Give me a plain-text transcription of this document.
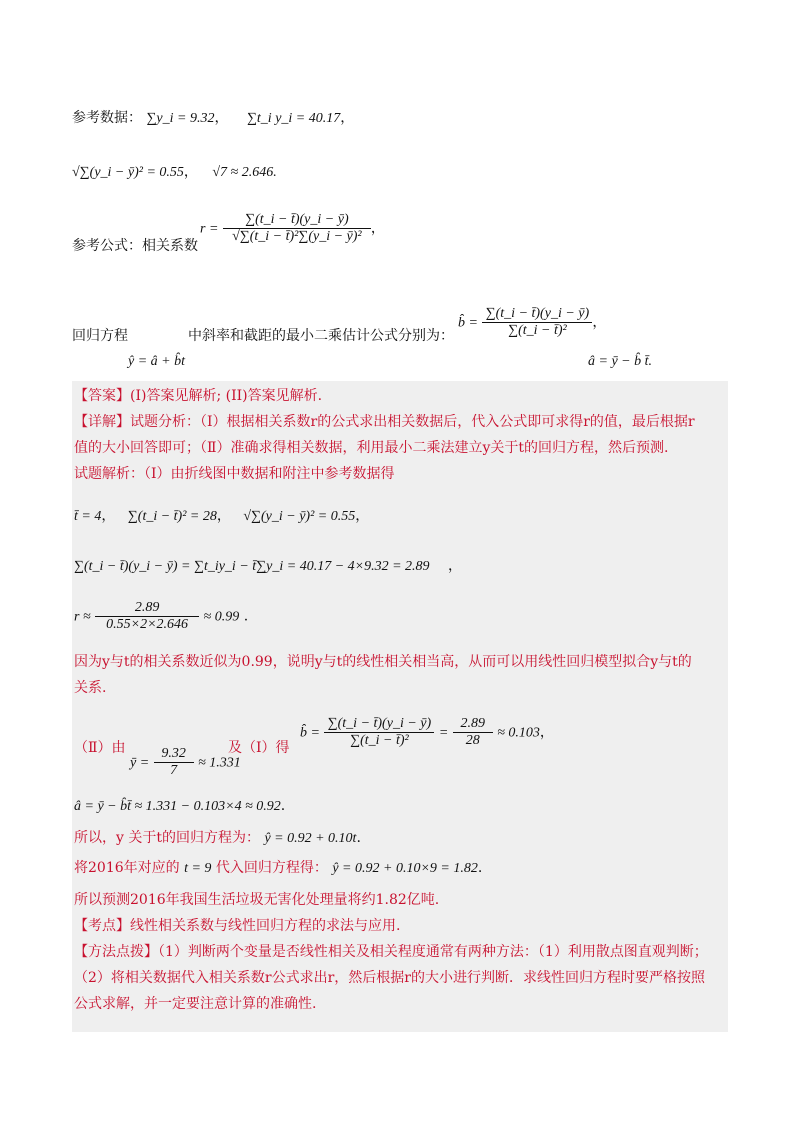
参考数据： ∑y_i = 9.32， ∑t_i y_i = 40.17，
√∑(y_i − ȳ)² = 0.55， √7 ≈ 2.646.
参考公式：相关系数
$r = \frac{\sum(t\_i - t̄)(y\_i - ȳ)}{\text{√∑(t\_i − t̄)²∑(y\_i − ȳ)²}}$ ，
回归方程
ŷ = â + b̂t
中斜率和截距的最小二乘估计公式分别为：
b̂ = $\frac{\sum(t\_i - t̄)(y\_i - ȳ)}{\text{∑(t\_i − t̄)²}}$ ，
â = ȳ − b̂ t̄.
【答案】(I)答案见解析; (II)答案见解析.
【详解】试题分析：（Ⅰ）根据相关系数r的公式求出相关数据后，代入公式即可求得r的值，最后根据r
值的大小回答即可；（Ⅱ）准确求得相关数据，利用最小二乘法建立y关于t的回归方程，然后预测.
试题解析：（Ⅰ）由折线图中数据和附注中参考数据得
t̄ = 4， ∑(t_i − t̄)² = 28， √∑(y_i − ȳ)² = 0.55，
∑(t_i − t̄)(y_i − ȳ) = ∑t_iy_i − t̄∑y_i = 40.17 − 4×9.32 = 2.89 ，
$r \approx \frac{2.89}{0.55\times 2\times 2.646} \approx 0.99$ .
因为y与t的相关系数近似为0.99，说明y与t的线性相关相当高，从而可以用线性回归模型拟合y与t的
关系.
（Ⅱ）由
ȳ = $\frac{9.32}{7} \approx 1.331$
及（Ⅰ）得
b̂ = $\frac{\sum(t\_i - t̄)(y\_i - ȳ)}{\text{∑(t\_i − t̄)²}} = \frac{2.89}{28} \approx 0.103$，
â = ȳ − b̂t̄ ≈ 1.331 − 0.103×4 ≈ 0.92.
所以，y 关于t的回归方程为： ŷ = 0.92 + 0.10t.
将2016年对应的 t = 9 代入回归方程得： ŷ = 0.92 + 0.10×9 = 1.82.
所以预测2016年我国生活垃圾无害化处理量将约1.82亿吨.
【考点】线性相关系数与线性回归方程的求法与应用.
【方法点拨】（1）判断两个变量是否线性相关及相关程度通常有两种方法：（1）利用散点图直观判断；
（2）将相关数据代入相关系数r公式求出r，然后根据r的大小进行判断．求线性回归方程时要严格按照
公式求解，并一定要注意计算的准确性.
